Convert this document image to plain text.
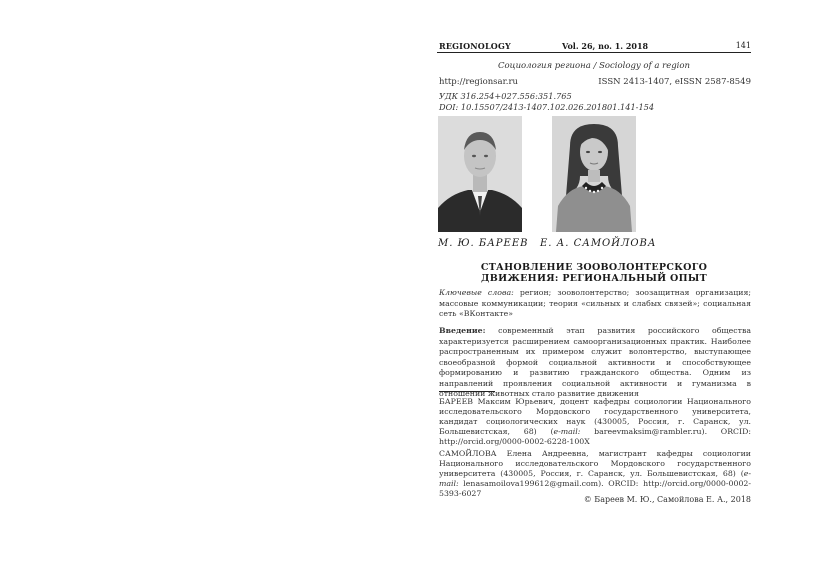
REGIONOLOGY	Vol. 26, no. 1. 2018	141
Социология региона / Sociology of a region
http://regionsar.ru	ISSN 2413-1407, eISSN 2587-8549
УДК 316.254+027.556:351.765
DOI: 10.15507/2413-1407.102.026.201801.141-154
М. Ю. БАРЕЕВ Е. А. САМОЙЛОВА
СТАНОВЛЕНИЕ ЗООВОЛОНТЕРСКОГО
ДВИЖЕНИЯ: РЕГИОНАЛЬНЫЙ ОПЫТ
Ключевые слова: регион; зооволонтерство; зоозащитная организация; массовые коммуникации; теория «сильных и слабых связей»; социальная сеть «ВКонтакте»
Введение: современный этап развития российского общества характеризуется расширением самоорганизационных практик. Наиболее распространенным их примером служит волонтерство, выступающее своеобразной формой социальной активности и способствующее формированию и развитию гражданского общества. Одним из направлений проявления социальной активности и гуманизма в отношении животных стало развитие движения

БАРЕЕВ Максим Юрьевич, доцент кафедры социологии Национального исследовательского Мордовского государственного университета, кандидат социологических наук (430005, Россия, г. Саранск, ул. Большевистская, 68) (e-mail: bareevmaksim@rambler.ru). ORCID: http://orcid.org/0000-0002-6228-100X

САМОЙЛОВА Елена Андреевна, магистрант кафедры социологии Национального исследовательского Мордовского государственного университета (430005, Россия, г. Саранск, ул. Большевистская, 68) (e-mail: lenasamoilova199612@gmail.com). ORCID: http://orcid.org/0000-0002-5393-6027

© Бареев М. Ю., Самойлова Е. А., 2018
